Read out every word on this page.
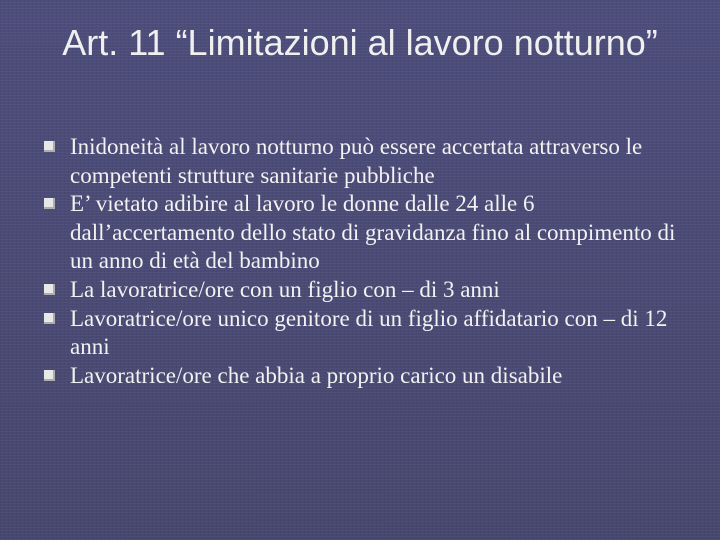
Art. 11 “Limitazioni al lavoro notturno”
Inidoneità al lavoro notturno può essere accertata attraverso le competenti strutture sanitarie pubbliche
E’ vietato adibire al lavoro le donne dalle 24 alle 6 dall’accertamento dello stato di gravidanza fino al compimento di un anno di età del bambino
La lavoratrice/ore con un figlio con – di 3 anni
Lavoratrice/ore unico genitore di un figlio affidatario con – di 12 anni
Lavoratrice/ore che abbia a proprio carico un disabile
